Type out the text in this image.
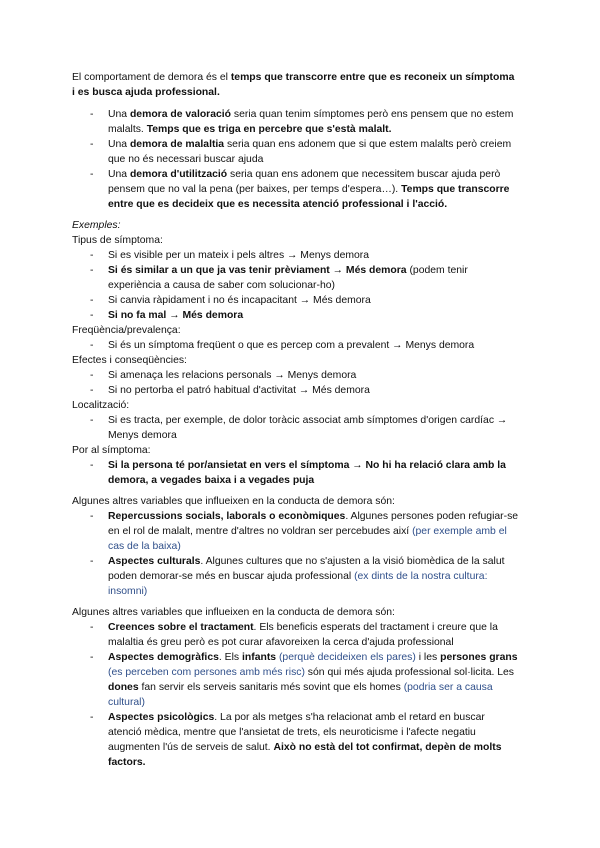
El comportament de demora és el temps que transcorre entre que es reconeix un símptoma i es busca ajuda professional.

- Una demora de valoració seria quan tenim símptomes però ens pensem que no estem malalts. Temps que es triga en percebre que s'està malalt.
- Una demora de malaltia seria quan ens adonem que si que estem malalts però creiem que no és necessari buscar ajuda
- Una demora d'utilització seria quan ens adonem que necessitem buscar ajuda però pensem que no val la pena (per baixes, per temps d'espera…). Temps que transcorre entre que es decideix que es necessita atenció professional i l'acció.

Exemples:

Tipus de símptoma:

- Si es visible per un mateix i pels altres → Menys demora
- Si és similar a un que ja vas tenir prèviament → Més demora (podem tenir experiència a causa de saber com solucionar-ho)
- Si canvia ràpidament i no és incapacitant → Més demora
- Si no fa mal → Més demora

Freqüència/prevalença:

- Si és un símptoma freqüent o que es percep com a prevalent → Menys demora

Efectes i conseqüències:

- Si amenaça les relacions personals → Menys demora
- Si no pertorba el patró habitual d'activitat → Més demora

Localització:

- Si es tracta, per exemple, de dolor toràcic associat amb símptomes d'origen cardíac → Menys demora

Por al símptoma:

- Si la persona té por/ansietat en vers el símptoma → No hi ha relació clara amb la demora, a vegades baixa i a vegades puja

Algunes altres variables que influeixen en la conducta de demora són:

- Repercussions socials, laborals o econòmiques. Algunes persones poden refugiar-se en el rol de malalt, mentre d'altres no voldran ser percebudes així (per exemple amb el cas de la baixa)
- Aspectes culturals. Algunes cultures que no s'ajusten a la visió biomèdica de la salut poden demorar-se més en buscar ajuda professional (ex dints de la nostra cultura: insomni)

Algunes altres variables que influeixen en la conducta de demora són:

- Creences sobre el tractament. Els beneficis esperats del tractament i creure que la malaltia és greu però es pot curar afavoreixen la cerca d'ajuda professional
- Aspectes demogràfics. Els infants (perquè decideixen els pares) i les persones grans (es perceben com persones amb més risc) són qui més ajuda professional sol·licita. Les dones fan servir els serveis sanitaris més sovint que els homes (podria ser a causa cultural)
- Aspectes psicològics. La por als metges s'ha relacionat amb el retard en buscar atenció mèdica, mentre que l'ansietat de trets, els neuroticisme i l'afecte negatiu augmenten l'ús de serveis de salut. Això no està del tot confirmat, depèn de molts factors.
